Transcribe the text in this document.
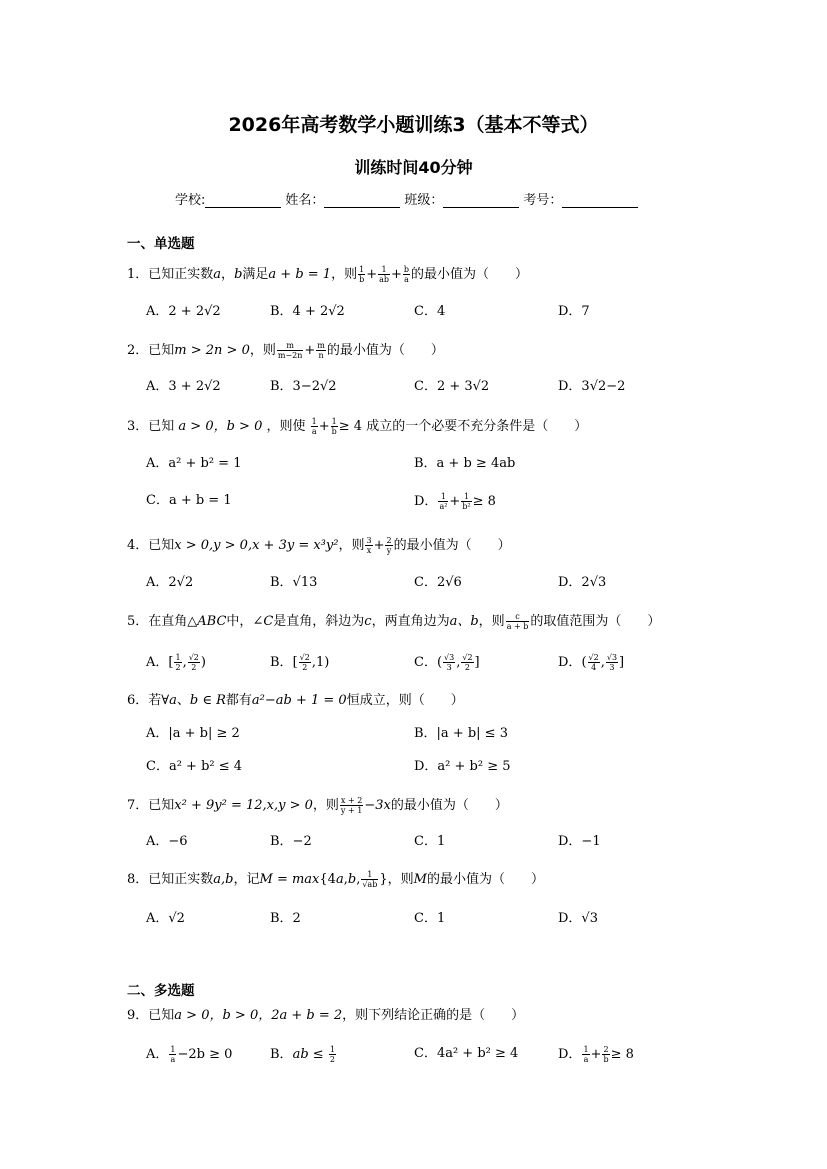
2026年高考数学小题训练3（基本不等式）
训练时间40分钟
学校:	姓名：	班级：	考号：
一、单选题
1．已知正实数a，b满足a + b = 1，则 $\frac{1}{b} + \frac{1}{ab} + \frac{b}{a}$ 的最小值为（　　）
A．2 + 2√2	B．4 + 2√2	C．4	D．7
2．已知m > 2n > 0，则 $\frac{m}{m-2n} + \frac{m}{n}$ 的最小值为（　　）
A．3 + 2√2	B．3−2√2	C．2 + 3√2	D．3√2−2
3．已知 a > 0，b > 0 ，则使 $\frac{1}{a} + \frac{1}{b} \ge 4$ 成立的一个必要不充分条件是（　　）
A．a² + b² = 1	B．a + b ≥ 4ab
C．a + b = 1	D． $\frac{1}{\text{a²}} + \frac{1}{\text{b²}} \ge 8$
4．已知x > 0,y > 0,x + 3y = x³y²，则 $\frac{3}{x} + \frac{2}{y}$ 的最小值为（　　）
A．2√2	B．√13	C．2√6	D．2√3
5．在直角△ABC中，∠C是直角，斜边为c，两直角边为a、b，则 $\frac{c}{a + b}$ 的取值范围为（　　）
A．[ $\frac{1}{2}$ , $\frac{√2}{2}$ )	B．[ $\frac{√2}{2} ,1$)	C．( $\frac{√3}{3}$ , $\frac{√2}{2}$ ]	D．( $\frac{√2}{4}$ , $\frac{√3}{3}$ ]
6．若∀a、b ∈ R都有a²−ab + 1 = 0恒成立，则（　　）
A．|a + b| ≥ 2	B．|a + b| ≤ 3
C．a² + b² ≤ 4	D．a² + b² ≥ 5
7．已知x² + 9y² = 12,x,y > 0，则 $\frac{x + 2}{y + 1} -3x$的最小值为（　　）
A．−6	B．−2	C．1	D．−1
8．已知正实数a,b，记M = max{4a,b, $\frac{1}{√ab}$ }，则M的最小值为（　　）
A．√2	B．2	C．1	D．√3
二、多选题
9．已知a > 0，b > 0，2a + b = 2，则下列结论正确的是（　　）
A． $\frac{1}{a} -2b \ge 0$	B．ab ≤ $\frac{1}{2}$	C．4a² + b² ≥ 4	D． $\frac{1}{a} + \frac{2}{b} \ge 8$
